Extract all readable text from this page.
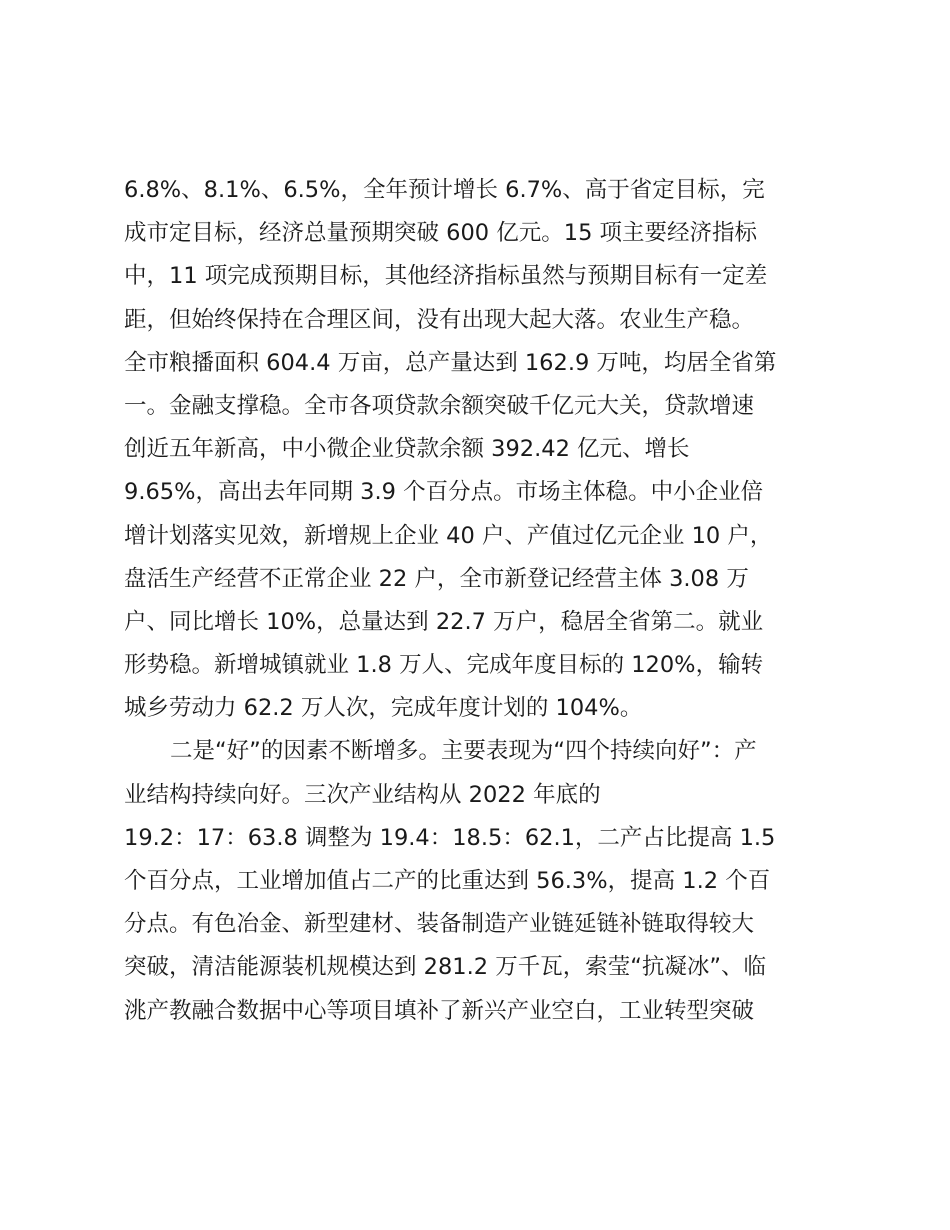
6.8%、8.1%、6.5%，全年预计增长 6.7%、高于省定目标，完
成市定目标，经济总量预期突破 600 亿元。15 项主要经济指标
中，11 项完成预期目标，其他经济指标虽然与预期目标有一定差
距，但始终保持在合理区间，没有出现大起大落。农业生产稳。
全市粮播面积 604.4 万亩，总产量达到 162.9 万吨，均居全省第
一。金融支撑稳。全市各项贷款余额突破千亿元大关，贷款增速
创近五年新高，中小微企业贷款余额 392.42 亿元、增长
9.65%，高出去年同期 3.9 个百分点。市场主体稳。中小企业倍
增计划落实见效，新增规上企业 40 户、产值过亿元企业 10 户，
盘活生产经营不正常企业 22 户，全市新登记经营主体 3.08 万
户、同比增长 10%，总量达到 22.7 万户，稳居全省第二。就业
形势稳。新增城镇就业 1.8 万人、完成年度目标的 120%，输转
城乡劳动力 62.2 万人次，完成年度计划的 104%。
二是“好”的因素不断增多。主要表现为“四个持续向好”：产
业结构持续向好。三次产业结构从 2022 年底的
19.2：17：63.8 调整为 19.4：18.5：62.1，二产占比提高 1.5
个百分点，工业增加值占二产的比重达到 56.3%，提高 1.2 个百
分点。有色冶金、新型建材、装备制造产业链延链补链取得较大
突破，清洁能源装机规模达到 281.2 万千瓦，索莹“抗凝冰”、临
洮产教融合数据中心等项目填补了新兴产业空白，工业转型突破
